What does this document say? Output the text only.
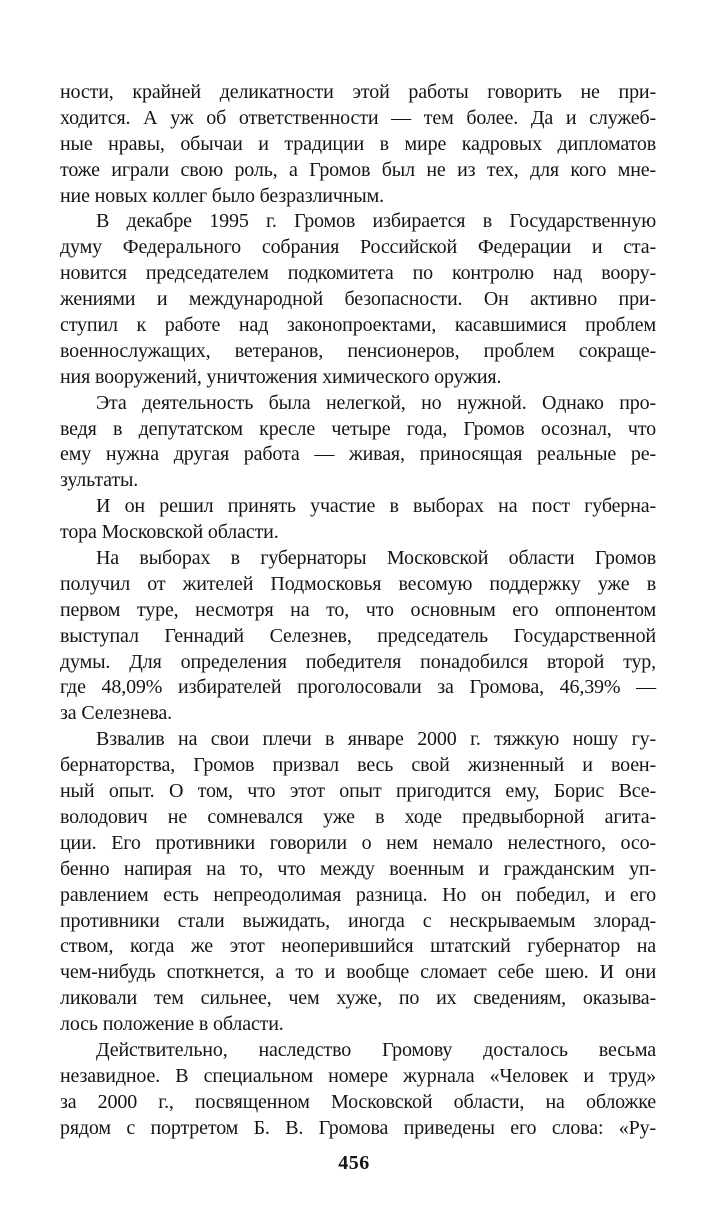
ности, крайней деликатности этой работы говорить не при-
ходится. А уж об ответственности — тем более. Да и служеб-
ные нравы, обычаи и традиции в мире кадровых дипломатов
тоже играли свою роль, а Громов был не из тех, для кого мне-
ние новых коллег было безразличным.
В декабре 1995 г. Громов избирается в Государственную
думу Федерального собрания Российской Федерации и ста-
новится председателем подкомитета по контролю над воору-
жениями и международной безопасности. Он активно при-
ступил к работе над законопроектами, касавшимися проблем
военнослужащих, ветеранов, пенсионеров, проблем сокраще-
ния вооружений, уничтожения химического оружия.
Эта деятельность была нелегкой, но нужной. Однако про-
ведя в депутатском кресле четыре года, Громов осознал, что
ему нужна другая работа — живая, приносящая реальные ре-
зультаты.
И он решил принять участие в выборах на пост губерна-
тора Московской области.
На выборах в губернаторы Московской области Громов
получил от жителей Подмосковья весомую поддержку уже в
первом туре, несмотря на то, что основным его оппонентом
выступал Геннадий Селезнев, председатель Государственной
думы. Для определения победителя понадобился второй тур,
где 48,09% избирателей проголосовали за Громова, 46,39% —
за Селезнева.
Взвалив на свои плечи в январе 2000 г. тяжкую ношу гу-
бернаторства, Громов призвал весь свой жизненный и воен-
ный опыт. О том, что этот опыт пригодится ему, Борис Все-
володович не сомневался уже в ходе предвыборной агита-
ции. Его противники говорили о нем немало нелестного, осо-
бенно напирая на то, что между военным и гражданским уп-
равлением есть непреодолимая разница. Но он победил, и его
противники стали выжидать, иногда с нескрываемым злорад-
ством, когда же этот неоперившийся штатский губернатор на
чем-нибудь споткнется, а то и вообще сломает себе шею. И они
ликовали тем сильнее, чем хуже, по их сведениям, оказыва-
лось положение в области.
Действительно, наследство Громову досталось весьма
незавидное. В специальном номере журнала «Человек и труд»
за 2000 г., посвященном Московской области, на обложке
рядом с портретом Б. В. Громова приведены его слова: «Ру-
456
